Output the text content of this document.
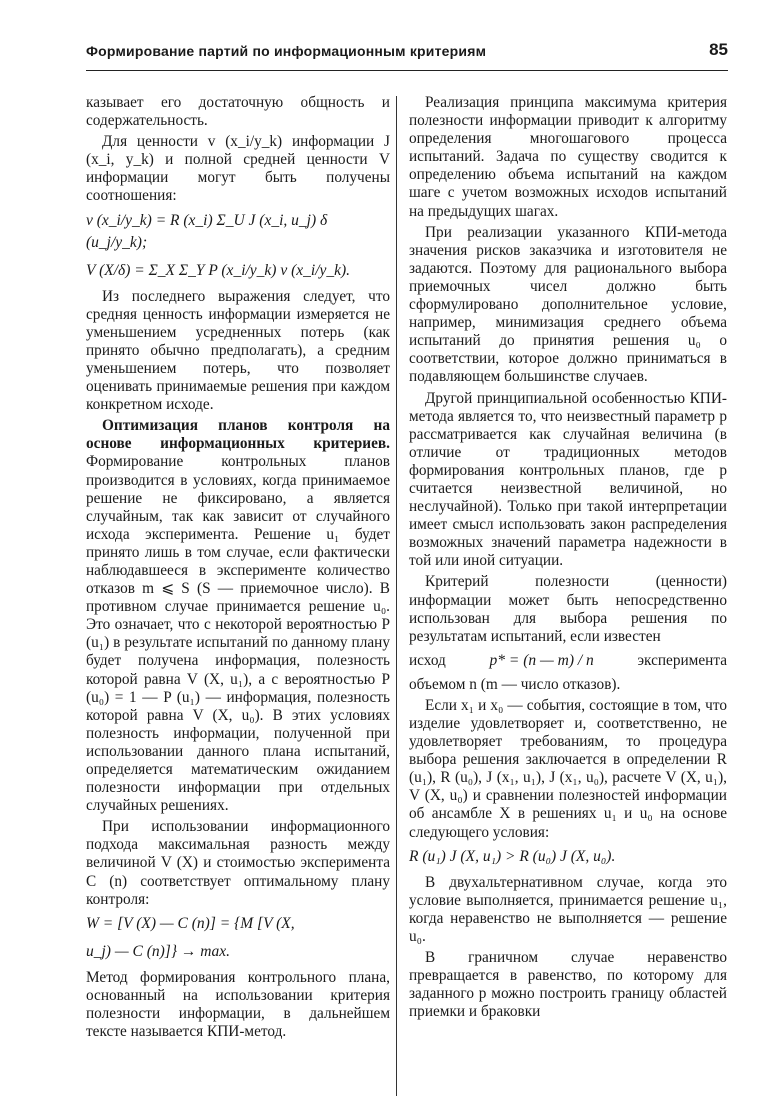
Формирование партий по информационным критериям	85

казывает его достаточную общность и содержательность.

Для ценности v (x_i/y_k) информации J (x_i, y_k) и полной средней ценности V информации могут быть получены соотношения:

v (x_i/y_k) = R (x_i) Σ_U J (x_i, u_j) δ (u_j/y_k);
V (X/δ) = Σ_X Σ_Y P (x_i/y_k) v (x_i/y_k).

Из последнего выражения следует, что средняя ценность информации измеряется не уменьшением усредненных потерь (как принято обычно предполагать), а средним уменьшением потерь, что позволяет оценивать принимаемые решения при каждом конкретном исходе.

Оптимизация планов контроля на основе информационных критериев. Формирование контрольных планов производится в условиях, когда принимаемое решение не фиксировано, а является случайным, так как зависит от случайного исхода эксперимента. Решение u₁ будет принято лишь в том случае, если фактически наблюдавшееся в эксперименте количество отказов m ⩽ S (S — приемочное число). В противном случае принимается решение u₀. Это означает, что с некоторой вероятностью P (u₁) в результате испытаний по данному плану будет получена информация, полезность которой равна V (X, u₁), а с вероятностью P (u₀) = 1 — P (u₁) — информация, полезность которой равна V (X, u₀). В этих условиях полезность информации, полученной при использовании данного плана испытаний, определяется математическим ожиданием полезности информации при отдельных случайных решениях.

При использовании информационного подхода максимальная разность между величиной V (X) и стоимостью эксперимента C (n) соответствует оптимальному плану контроля:

W = [V (X) — C (n)] = {M [V (X,
u_j) — C (n)]} → max.

Метод формирования контрольного плана, основанный на использовании критерия полезности информации, в дальнейшем тексте называется КПИ-метод.

Реализация принципа максимума критерия полезности информации приводит к алгоритму определения многошагового процесса испытаний. Задача по существу сводится к определению объема испытаний на каждом шаге с учетом возможных исходов испытаний на предыдущих шагах.

При реализации указанного КПИ-метода значения рисков заказчика и изготовителя не задаются. Поэтому для рационального выбора приемочных чисел должно быть сформулировано дополнительное условие, например, минимизация среднего объема испытаний до принятия решения u₀ о соответствии, которое должно приниматься в подавляющем большинстве случаев.

Другой принципиальной особенностью КПИ-метода является то, что неизвестный параметр p рассматривается как случайная величина (в отличие от традиционных методов формирования контрольных планов, где p считается неизвестной величиной, но неслучайной). Только при такой интерпретации имеет смысл использовать закон распределения возможных значений параметра надежности в той или иной ситуации.

Критерий полезности (ценности) информации может быть непосредственно использован для выбора решения по результатам испытаний, если известен

исход	p* = (n — m) / n	эксперимента

объемом n (m — число отказов).

Если x₁ и x₀ — события, состоящие в том, что изделие удовлетворяет и, соответственно, не удовлетворяет требованиям, то процедура выбора решения заключается в определении R (u₁), R (u₀), J (x₁, u₁), J (x₁, u₀), расчете V (X, u₁), V (X, u₀) и сравнении полезностей информации об ансамбле X в решениях u₁ и u₀ на основе следующего условия:

R (u₁) J (X, u₁) > R (u₀) J (X, u₀).

В двухальтернативном случае, когда это условие выполняется, принимается решение u₁, когда неравенство не выполняется — решение u₀.

В граничном случае неравенство превращается в равенство, по которому для заданного p можно построить границу областей приемки и браковки
